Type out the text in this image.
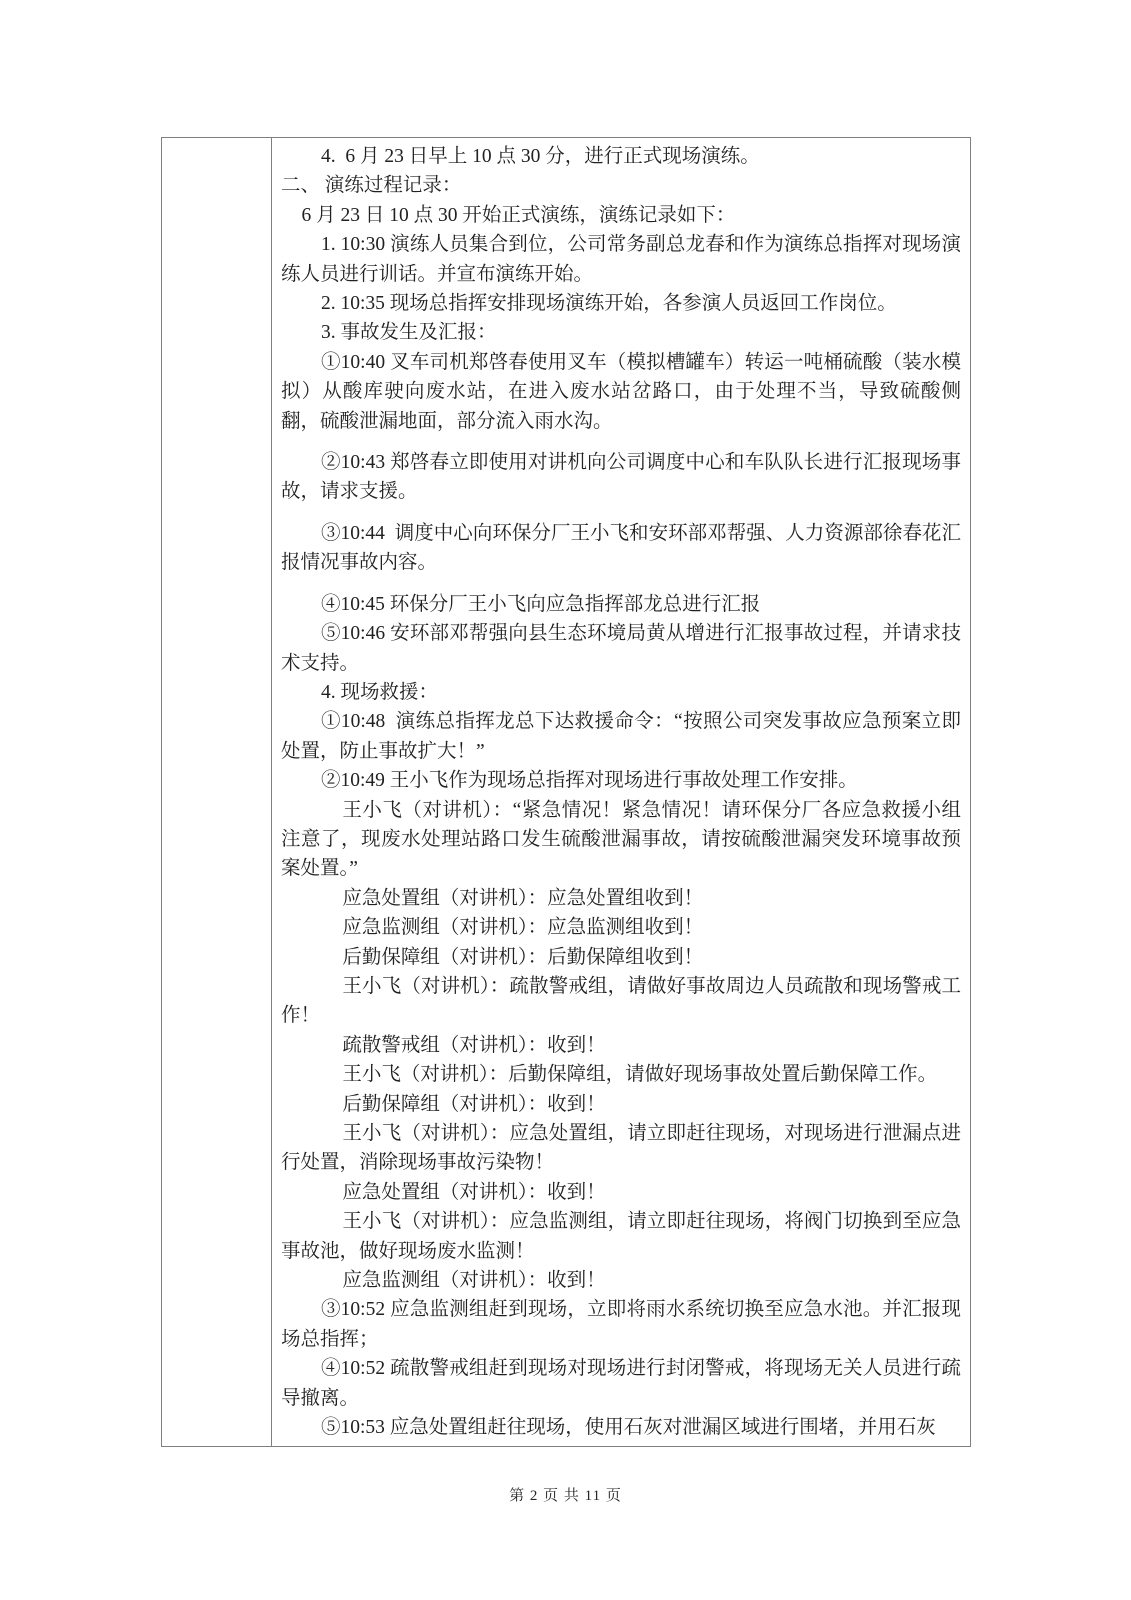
4.  6 月 23 日早上 10 点 30 分，进行正式现场演练。

二、 演练过程记录：

6 月 23 日 10 点 30 开始正式演练，演练记录如下：

1. 10:30 演练人员集合到位，公司常务副总龙春和作为演练总指挥对现场演练人员进行训话。并宣布演练开始。

2. 10:35 现场总指挥安排现场演练开始，各参演人员返回工作岗位。

3. 事故发生及汇报：

①10:40 叉车司机郑啓春使用叉车（模拟槽罐车）转运一吨桶硫酸（装水模拟）从酸库驶向废水站，在进入废水站岔路口，由于处理不当，导致硫酸侧翻，硫酸泄漏地面，部分流入雨水沟。

②10:43 郑啓春立即使用对讲机向公司调度中心和车队队长进行汇报现场事故，请求支援。

③10:44  调度中心向环保分厂王小飞和安环部邓帮强、人力资源部徐春花汇报情况事故内容。

④10:45 环保分厂王小飞向应急指挥部龙总进行汇报

⑤10:46 安环部邓帮强向县生态环境局黄从增进行汇报事故过程，并请求技术支持。

4. 现场救援：

①10:48  演练总指挥龙总下达救援命令：“按照公司突发事故应急预案立即处置，防止事故扩大！”

②10:49 王小飞作为现场总指挥对现场进行事故处理工作安排。

王小飞（对讲机）：“紧急情况！紧急情况！请环保分厂各应急救援小组注意了，现废水处理站路口发生硫酸泄漏事故，请按硫酸泄漏突发环境事故预案处置。”

应急处置组（对讲机）：应急处置组收到！

应急监测组（对讲机）：应急监测组收到！

后勤保障组（对讲机）：后勤保障组收到！

王小飞（对讲机）：疏散警戒组，请做好事故周边人员疏散和现场警戒工作！

疏散警戒组（对讲机）：收到！

王小飞（对讲机）：后勤保障组，请做好现场事故处置后勤保障工作。

后勤保障组（对讲机）：收到！

王小飞（对讲机）：应急处置组，请立即赶往现场，对现场进行泄漏点进行处置，消除现场事故污染物！

应急处置组（对讲机）：收到！

王小飞（对讲机）：应急监测组，请立即赶往现场，将阀门切换到至应急事故池，做好现场废水监测！

应急监测组（对讲机）：收到！

③10:52 应急监测组赶到现场，立即将雨水系统切换至应急水池。并汇报现场总指挥；

④10:52 疏散警戒组赶到现场对现场进行封闭警戒，将现场无关人员进行疏导撤离。

⑤10:53 应急处置组赶往现场，使用石灰对泄漏区域进行围堵，并用石灰

第 2 页 共 11 页
